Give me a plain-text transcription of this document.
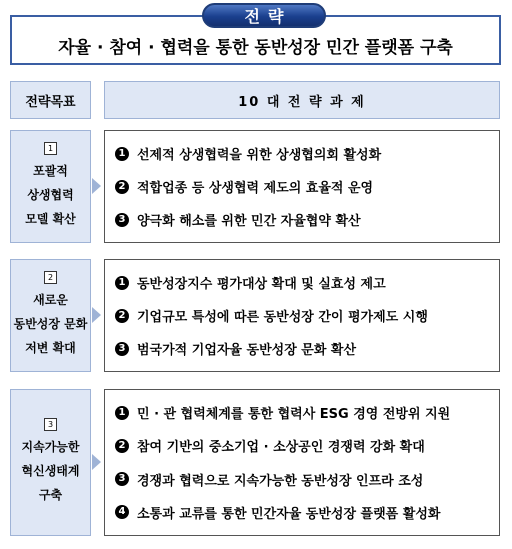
자율 · 참여 · 협력을 통한 동반성장 민간 플랫폼 구축
전략
전략목표	10 대 전 략 과 제
1
포괄적
상생협력
모델 확산
1 선제적 상생협력을 위한 상생협의회 활성화
2 적합업종 등 상생협력 제도의 효율적 운영
3 양극화 해소를 위한 민간 자율협약 확산
2
새로운
동반성장 문화
저변 확대
1 동반성장지수 평가대상 확대 및 실효성 제고
2 기업규모 특성에 따른 동반성장 간이 평가제도 시행
3 범국가적 기업자율 동반성장 문화 확산
3
지속가능한
혁신생태계
구축
1 민 · 관 협력체계를 통한 협력사 ESG 경영 전방위 지원
2 참여 기반의 중소기업 · 소상공인 경쟁력 강화 확대
3 경쟁과 협력으로 지속가능한 동반성장 인프라 조성
4 소통과 교류를 통한 민간자율 동반성장 플랫폼 활성화
